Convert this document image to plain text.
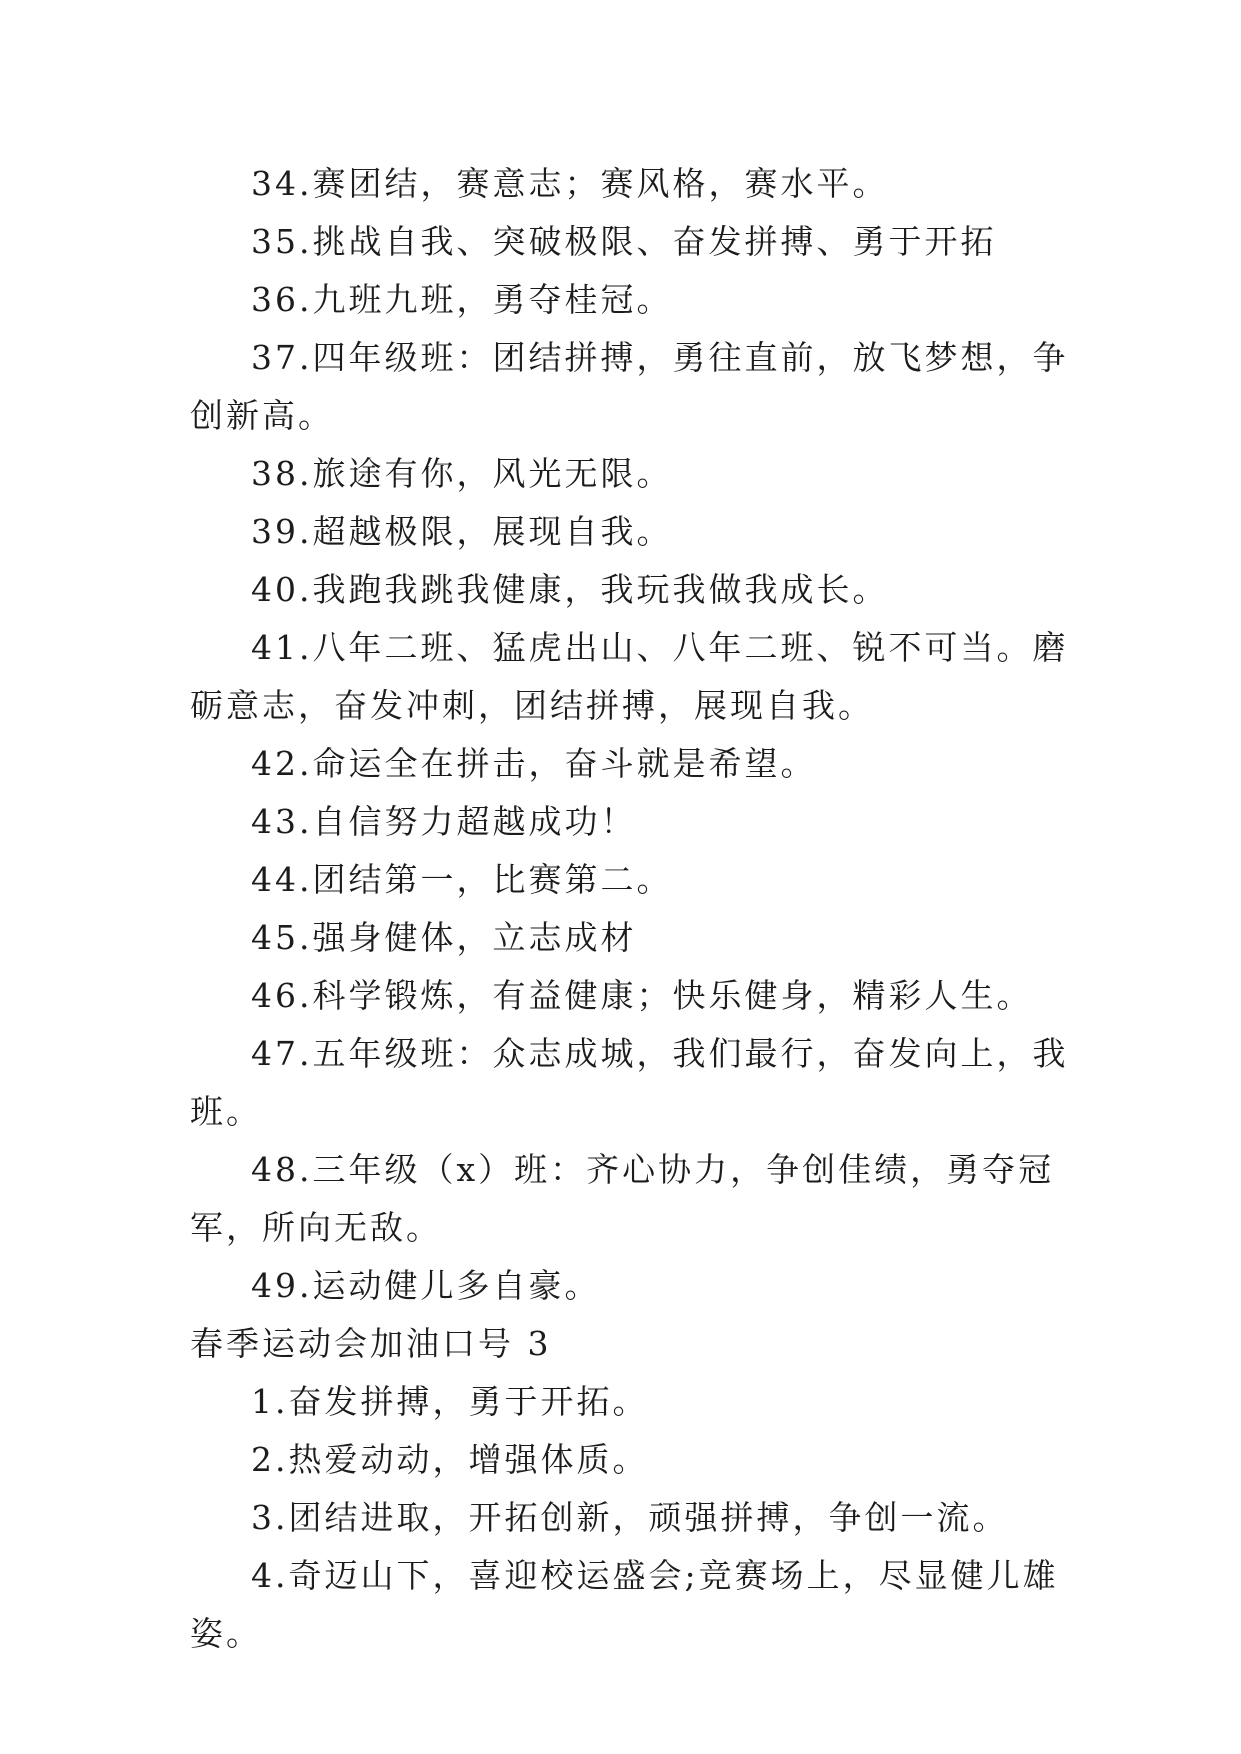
34.赛团结，赛意志；赛风格，赛水平。

35.挑战自我、突破极限、奋发拼搏、勇于开拓

36.九班九班，勇夺桂冠。

37.四年级班：团结拼搏，勇往直前，放飞梦想，争创新高。

38.旅途有你，风光无限。

39.超越极限，展现自我。

40.我跑我跳我健康，我玩我做我成长。

41.八年二班、猛虎出山、八年二班、锐不可当。磨砺意志，奋发冲刺，团结拼搏，展现自我。

42.命运全在拼击，奋斗就是希望。

43.自信努力超越成功！

44.团结第一，比赛第二。

45.强身健体，立志成材

46.科学锻炼，有益健康；快乐健身，精彩人生。

47.五年级班：众志成城，我们最行，奋发向上，我班。

48.三年级（x）班：齐心协力，争创佳绩，勇夺冠军，所向无敌。

49.运动健儿多自豪。

春季运动会加油口号 3

1.奋发拼搏，勇于开拓。

2.热爱动动，增强体质。

3.团结进取，开拓创新，顽强拼搏，争创一流。

4.奇迈山下，喜迎校运盛会;竞赛场上，尽显健儿雄姿。
